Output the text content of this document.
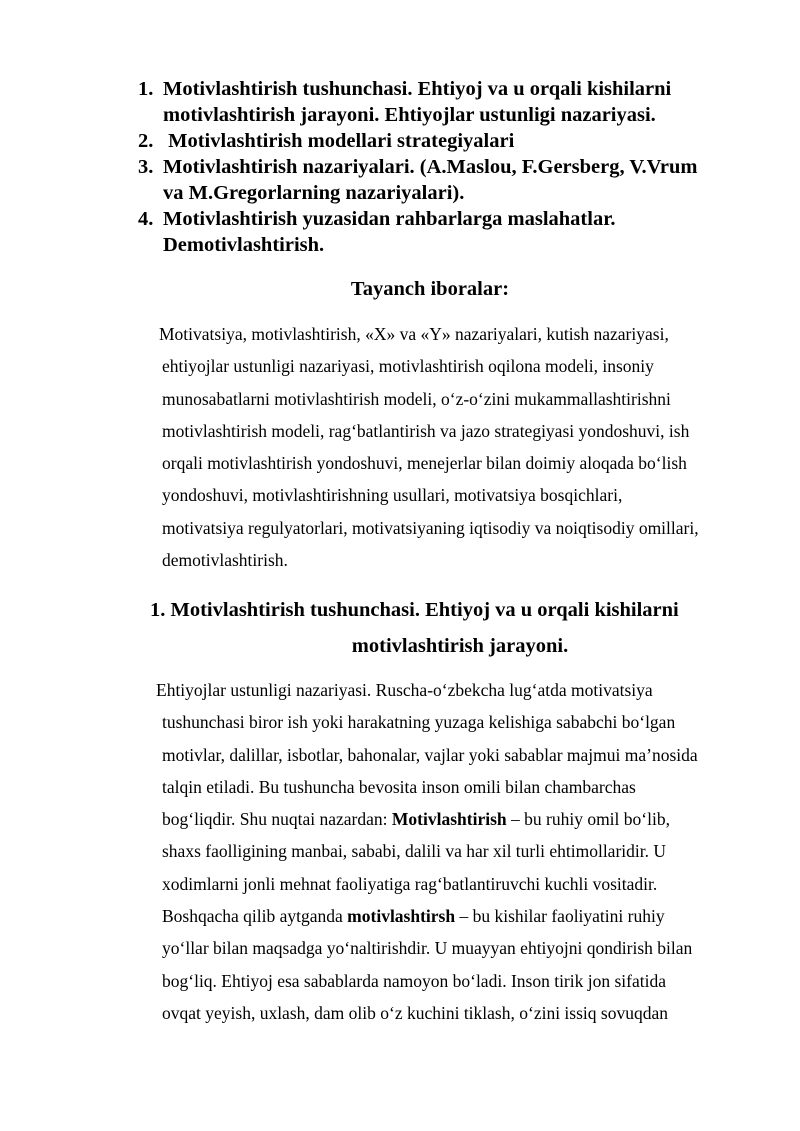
1. Motivlashtirish tushunchasi. Ehtiyoj va u orqali kishilarni
motivlashtirish jarayoni. Ehtiyojlar ustunligi nazariyasi.
2. Motivlashtirish modellari strategiyalari
3. Motivlashtirish nazariyalari. (A.Maslou, F.Gersberg, V.Vrum
va M.Gregorlarning nazariyalari).
4. Motivlashtirish yuzasidan rahbarlarga maslahatlar.
Demotivlashtirish.
Tayanch iboralar:
Motivatsiya, motivlashtirish, «X» va «Y» nazariyalari, kutish nazariyasi,
ehtiyojlar ustunligi nazariyasi, motivlashtirish oqilona modeli, insoniy
munosabatlarni motivlashtirish modeli, o‘z-o‘zini mukammallashtirishni
motivlashtirish modeli, rag‘batlantirish va jazo strategiyasi yondoshuvi, ish
orqali motivlashtirish yondoshuvi, menejerlar bilan doimiy aloqada bo‘lish
yondoshuvi, motivlashtirishning usullari, motivatsiya bosqichlari,
motivatsiya regulyatorlari, motivatsiyaning iqtisodiy va noiqtisodiy omillari,
demotivlashtirish.
1. Motivlashtirish tushunchasi. Ehtiyoj va u orqali kishilarni
motivlashtirish jarayoni.
Ehtiyojlar ustunligi nazariyasi. Ruscha-o‘zbekcha lug‘atda motivatsiya
tushunchasi biror ish yoki harakatning yuzaga kelishiga sababchi bo‘lgan
motivlar, dalillar, isbotlar, bahonalar, vajlar yoki sabablar majmui ma’nosida
talqin etiladi. Bu tushuncha bevosita inson omili bilan chambarchas
bog‘liqdir. Shu nuqtai nazardan: Motivlashtirish – bu ruhiy omil bo‘lib,
shaxs faolligining manbai, sababi, dalili va har xil turli ehtimollaridir. U
xodimlarni jonli mehnat faoliyatiga rag‘batlantiruvchi kuchli vositadir.
Boshqacha qilib aytganda motivlashtirsh – bu kishilar faoliyatini ruhiy
yo‘llar bilan maqsadga yo‘naltirishdir. U muayyan ehtiyojni qondirish bilan
bog‘liq. Ehtiyoj esa sabablarda namoyon bo‘ladi. Inson tirik jon sifatida
ovqat yeyish, uxlash, dam olib o‘z kuchini tiklash, o‘zini issiq sovuqdan
